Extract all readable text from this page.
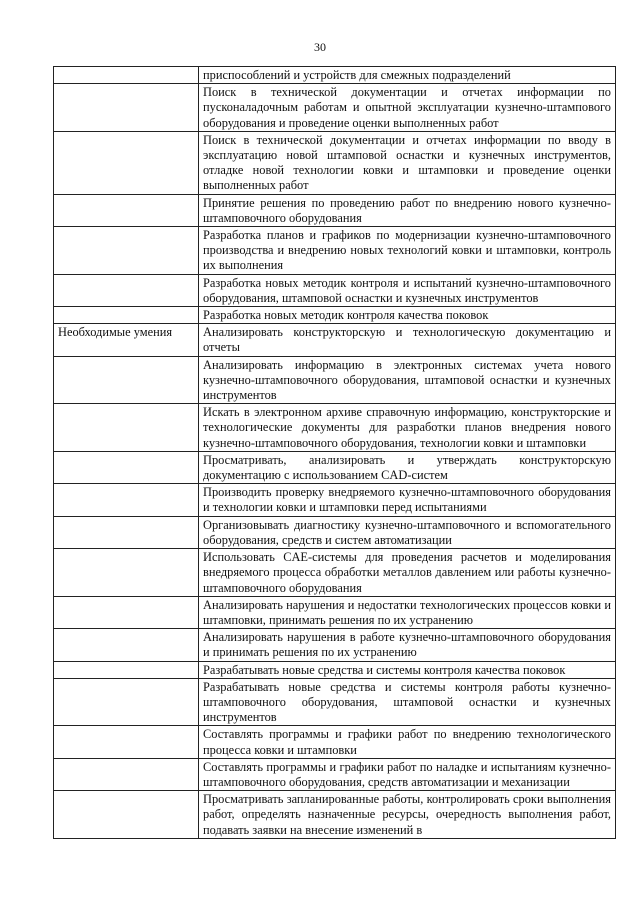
30
	приспособлений и устройств для смежных подразделений
	Поиск в технической документации и отчетах информации по пусконаладочным работам и опытной эксплуатации кузнечно-штампового оборудования и проведение оценки выполненных работ
	Поиск в технической документации и отчетах информации по вводу в эксплуатацию новой штамповой оснастки и кузнечных инструментов, отладке новой технологии ковки и штамповки и проведение оценки выполненных работ
	Принятие решения по проведению работ по внедрению нового кузнечно-штамповочного оборудования
	Разработка планов и графиков по модернизации кузнечно-штамповочного производства и внедрению новых технологий ковки и штамповки, контроль их выполнения
	Разработка новых методик контроля и испытаний кузнечно-штамповочного оборудования, штамповой оснастки и кузнечных инструментов
	Разработка новых методик контроля качества поковок
Необходимые умения	Анализировать конструкторскую и технологическую документацию и отчеты
	Анализировать информацию в электронных системах учета нового кузнечно-штамповочного оборудования, штамповой оснастки и кузнечных инструментов
	Искать в электронном архиве справочную информацию, конструкторские и технологические документы для разработки планов внедрения нового кузнечно-штамповочного оборудования, технологии ковки и штамповки
	Просматривать, анализировать и утверждать конструкторскую документацию с использованием CAD-систем
	Производить проверку внедряемого кузнечно-штамповочного оборудования и технологии ковки и штамповки перед испытаниями
	Организовывать диагностику кузнечно-штамповочного и вспомогательного оборудования, средств и систем автоматизации
	Использовать CAE-системы для проведения расчетов и моделирования внедряемого процесса обработки металлов давлением или работы кузнечно-штамповочного оборудования
	Анализировать нарушения и недостатки технологических процессов ковки и штамповки, принимать решения по их устранению
	Анализировать нарушения в работе кузнечно-штамповочного оборудования и принимать решения по их устранению
	Разрабатывать новые средства и системы контроля качества поковок
	Разрабатывать новые средства и системы контроля работы кузнечно-штамповочного оборудования, штамповой оснастки и кузнечных инструментов
	Составлять программы и графики работ по внедрению технологического процесса ковки и штамповки
	Составлять программы и графики работ по наладке и испытаниям кузнечно-штамповочного оборудования, средств автоматизации и механизации
	Просматривать запланированные работы, контролировать сроки выполнения работ, определять назначенные ресурсы, очередность выполнения работ, подавать заявки на внесение изменений в
